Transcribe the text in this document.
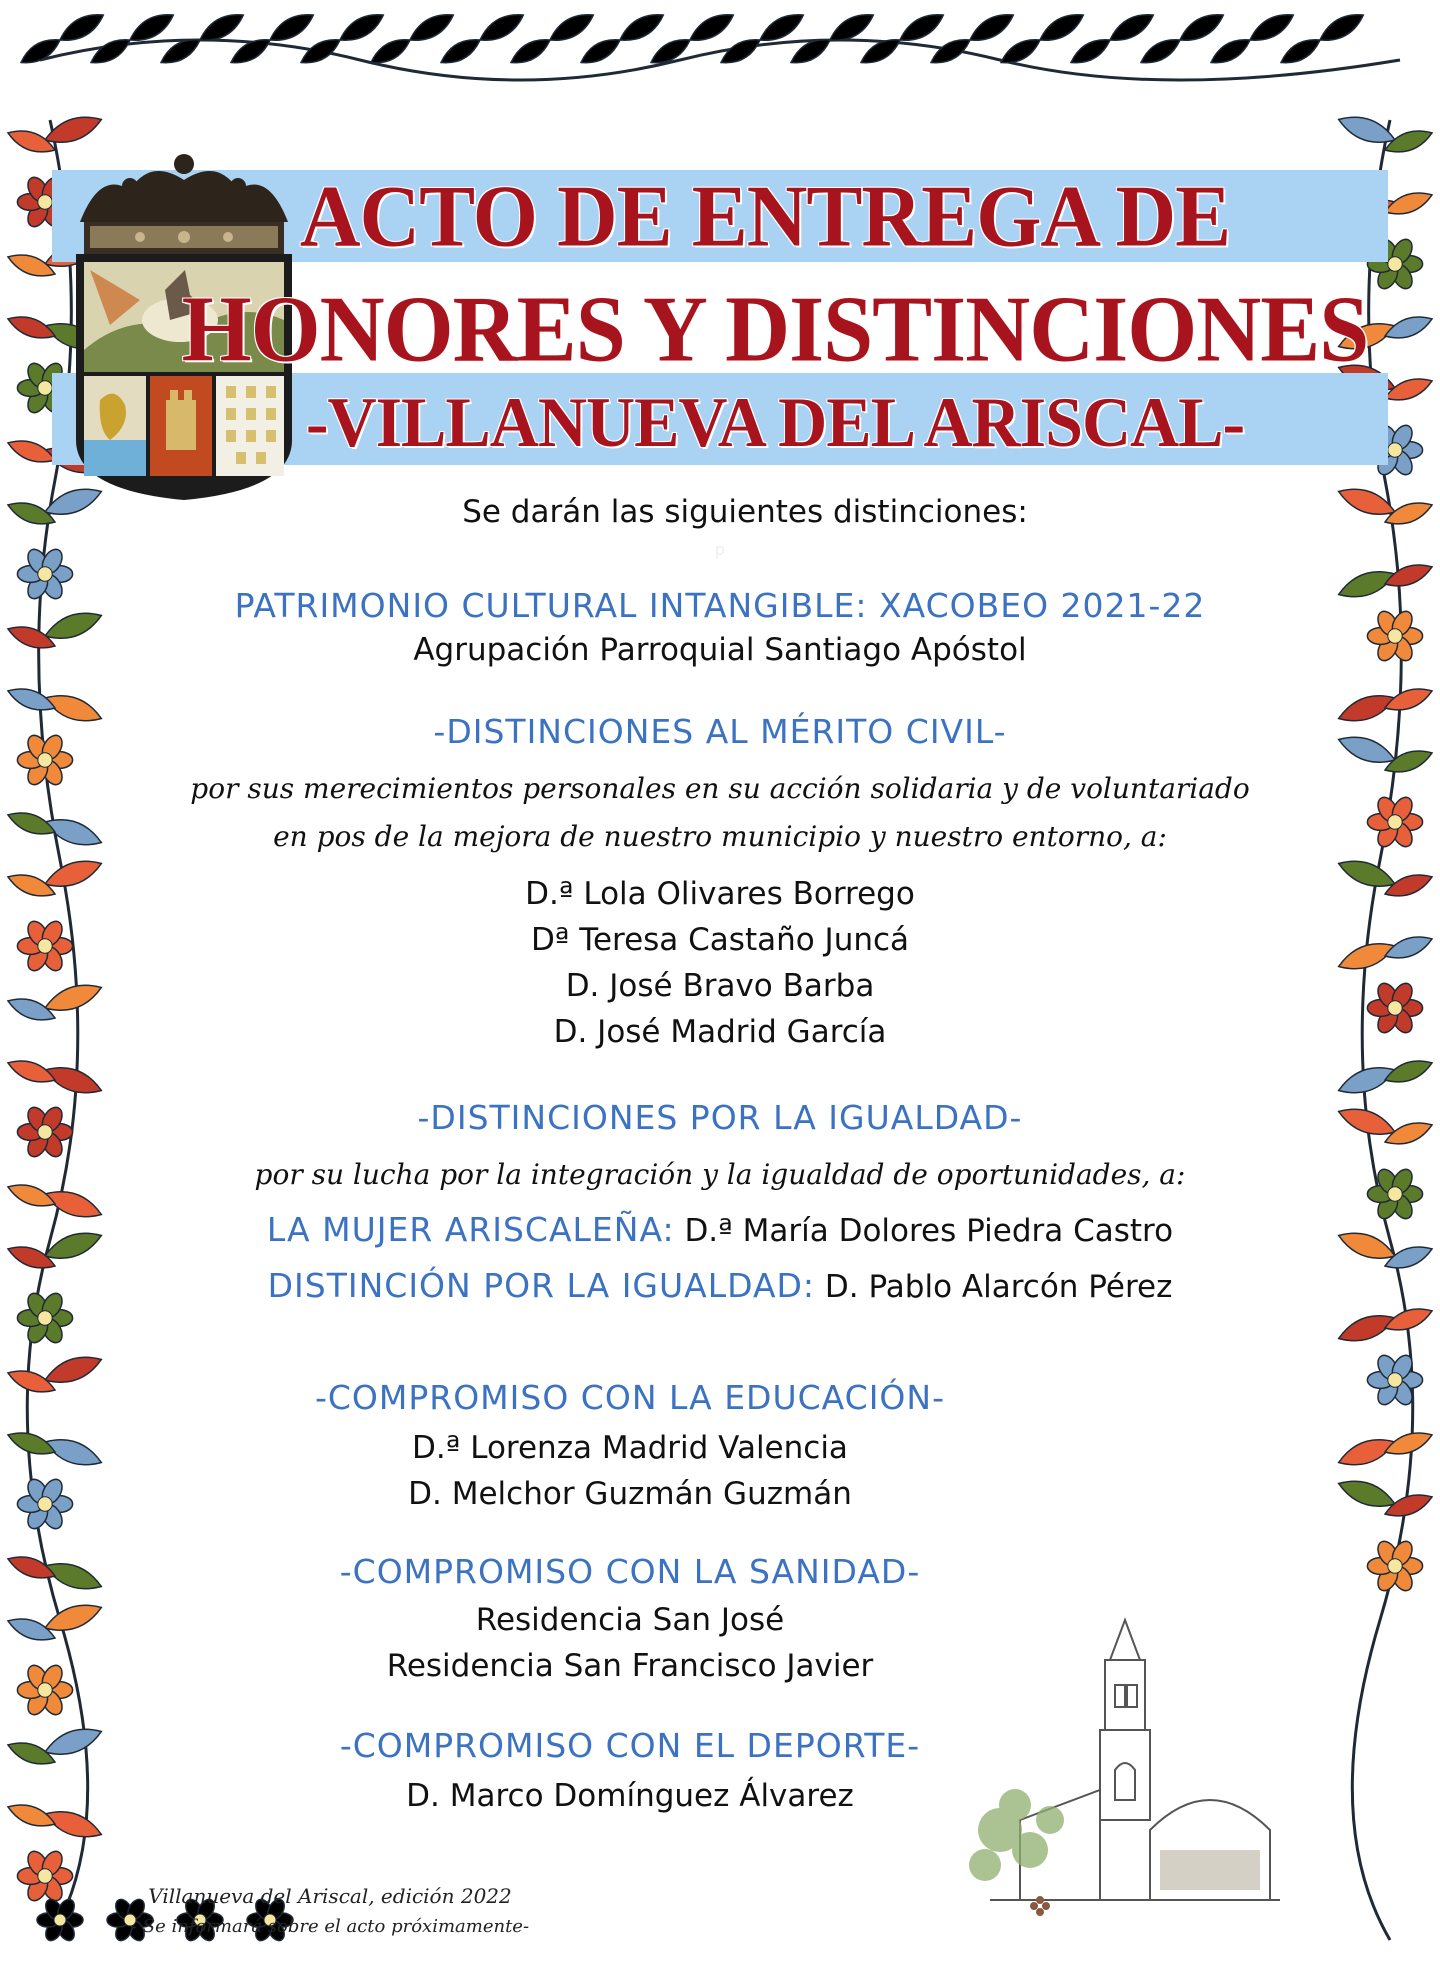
ACTO DE ENTREGA DE
HONORES Y DISTINCIONES
-VILLANUEVA DEL ARISCAL-
Se darán las siguientes distinciones:
p
PATRIMONIO CULTURAL INTANGIBLE: XACOBEO 2021-22
Agrupación Parroquial Santiago Apóstol
-DISTINCIONES AL MÉRITO CIVIL-
por sus merecimientos personales en su acción solidaria y de voluntariado
en pos de la mejora de nuestro municipio y nuestro entorno, a:
D.ª Lola Olivares Borrego
Dª Teresa Castaño Juncá
D. José Bravo Barba
D. José Madrid García
-DISTINCIONES POR LA IGUALDAD-
por su lucha por la integración y la igualdad de oportunidades, a:
LA MUJER ARISCALEÑA: D.ª María Dolores Piedra Castro
DISTINCIÓN POR LA IGUALDAD: D. Pablo Alarcón Pérez
-COMPROMISO CON LA EDUCACIÓN-
D.ª Lorenza Madrid Valencia
D. Melchor Guzmán Guzmán
-COMPROMISO CON LA SANIDAD-
Residencia San José
Residencia San Francisco Javier
-COMPROMISO CON EL DEPORTE-
D. Marco Domínguez Álvarez
Villanueva del Ariscal, edición 2022
- Se informará sobre el acto próximamente-
